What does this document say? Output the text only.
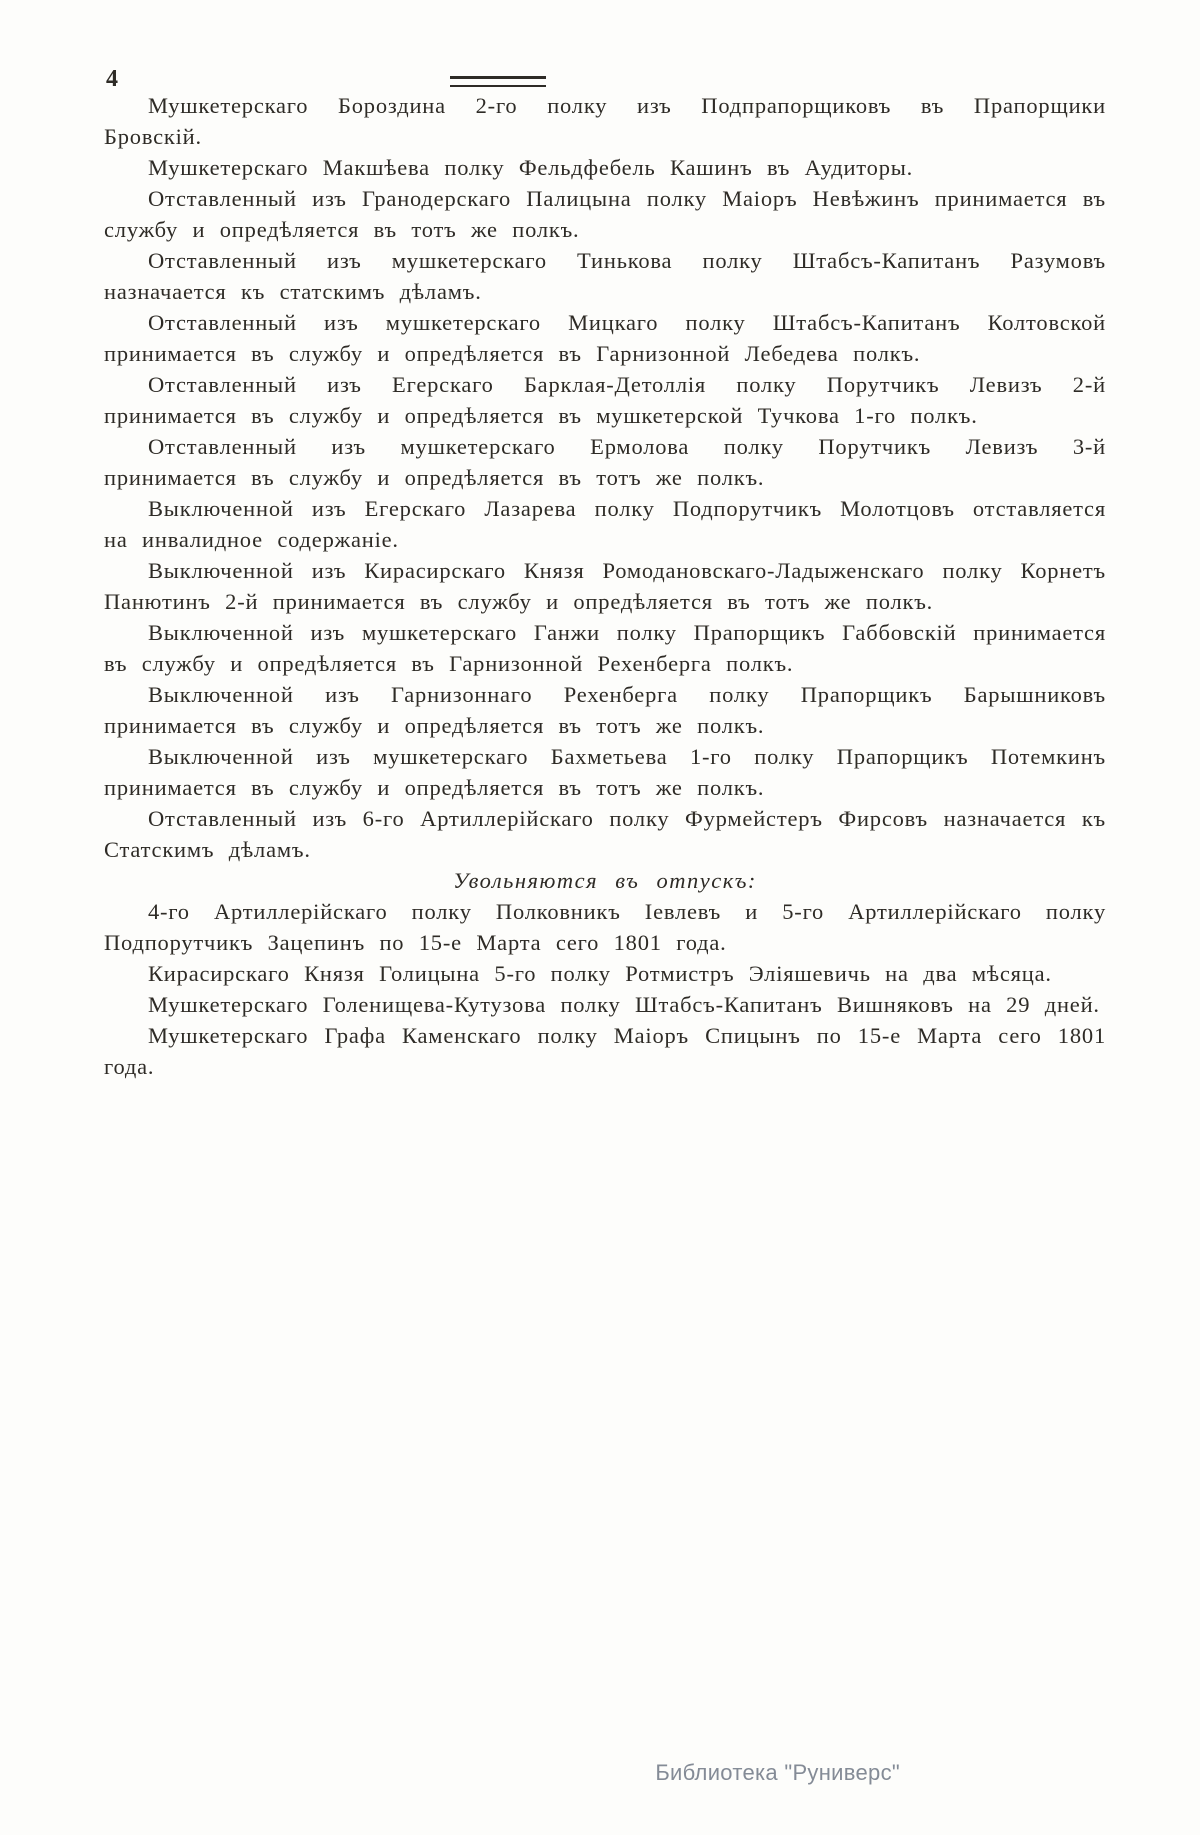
4

Мушкетерскаго Бороздина 2-го полку изъ Подпрапорщиковъ въ Прапорщики Бровскій.

Мушкетерскаго Макшѣева полку Фельдфебель Кашинъ въ Аудиторы.

Отставленный изъ Гранодерскаго Палицына полку Маіоръ Невѣжинъ принимается въ службу и опредѣляется въ тотъ же полкъ.

Отставленный изъ мушкетерскаго Тинькова полку Штабсъ-Капитанъ Разумовъ назначается къ статскимъ дѣламъ.

Отставленный изъ мушкетерскаго Мицкаго полку Штабсъ-Капитанъ Колтовской принимается въ службу и опредѣляется въ Гарнизонной Лебедева полкъ.

Отставленный изъ Егерскаго Барклая-Детоллія полку Порутчикъ Левизъ 2-й принимается въ службу и опредѣляется въ мушкетерской Тучкова 1-го полкъ.

Отставленный изъ мушкетерскаго Ермолова полку Порутчикъ Левизъ 3-й принимается въ службу и опредѣляется въ тотъ же полкъ.

Выключенной изъ Егерскаго Лазарева полку Подпорутчикъ Молотцовъ отставляется на инвалидное содержаніе.

Выключенной изъ Кирасирскаго Князя Ромодановскаго-Ладыженскаго полку Корнетъ Панютинъ 2-й принимается въ службу и опредѣляется въ тотъ же полкъ.

Выключенной изъ мушкетерскаго Ганжи полку Прапорщикъ Габбовскій принимается въ службу и опредѣляется въ Гарнизонной Рехенберга полкъ.

Выключенной изъ Гарнизоннаго Рехенберга полку Прапорщикъ Барышниковъ принимается въ службу и опредѣляется въ тотъ же полкъ.

Выключенной изъ мушкетерскаго Бахметьева 1-го полку Прапорщикъ Потемкинъ принимается въ службу и опредѣляется въ тотъ же полкъ.

Отставленный изъ 6-го Артиллерійскаго полку Фурмейстеръ Фирсовъ назначается къ Статскимъ дѣламъ.

Увольняются въ отпускъ:

4-го Артиллерійскаго полку Полковникъ Іевлевъ и 5-го Артиллерійскаго полку Подпорутчикъ Зацепинъ по 15-е Марта сего 1801 года.

Кирасирскаго Князя Голицына 5-го полку Ротмистръ Эліяшевичь на два мѣсяца.

Мушкетерскаго Голенищева-Кутузова полку Штабсъ-Капитанъ Вишняковъ на 29 дней.

Мушкетерскаго Графа Каменскаго полку Маіоръ Спицынъ по 15-е Марта сего 1801 года.

Библиотека "Руниверс"
